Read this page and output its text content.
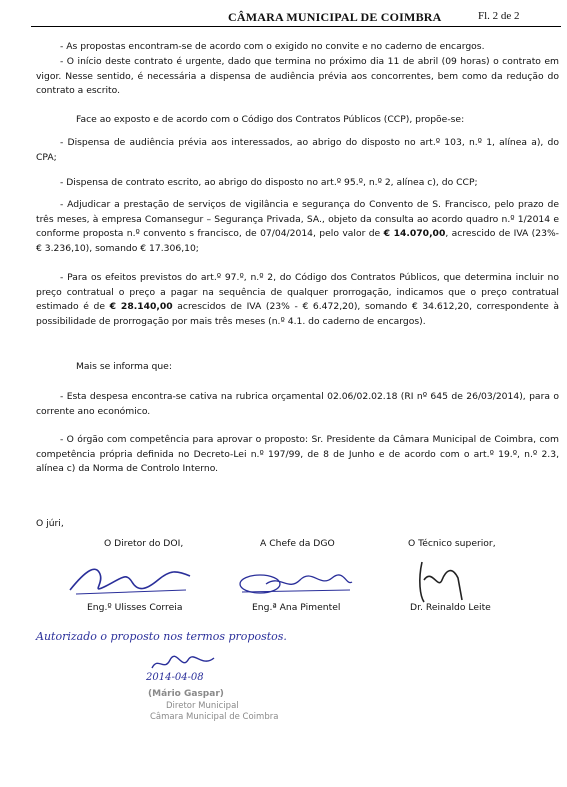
CÂMARA MUNICIPAL DE COIMBRA	Fl. 2 de 2

- As propostas encontram-se de acordo com o exigido no convite e no caderno de encargos.

- O início deste contrato é urgente, dado que termina no próximo dia 11 de abril (09 horas) o contrato em vigor. Nesse sentido, é necessária a dispensa de audiência prévia aos concorrentes, bem como da redução do contrato a escrito.

Face ao exposto e de acordo com o Código dos Contratos Públicos (CCP), propõe-se:

- Dispensa de audiência prévia aos interessados, ao abrigo do disposto no art.º 103, n.º 1, alínea a), do CPA;

- Dispensa de contrato escrito, ao abrigo do disposto no art.º 95.º, n.º 2, alínea c), do CCP;

- Adjudicar a prestação de serviços de vigilância e segurança do Convento de S. Francisco, pelo prazo de três meses, à empresa Comansegur – Segurança Privada, SA., objeto da consulta ao acordo quadro n.º 1/2014 e conforme proposta n.º convento s francisco, de 07/04/2014, pelo valor de € 14.070,00, acrescido de IVA (23%- € 3.236,10), somando € 17.306,10;

- Para os efeitos previstos do art.º 97.º, n.º 2, do Código dos Contratos Públicos, que determina incluir no preço contratual o preço a pagar na sequência de qualquer prorrogação, indicamos que o preço contratual estimado é de € 28.140,00 acrescidos de IVA (23% - € 6.472,20), somando € 34.612,20, correspondente à possibilidade de prorrogação por mais três meses (n.º 4.1. do caderno de encargos).

Mais se informa que:

- Esta despesa encontra-se cativa na rubrica orçamental 02.06/02.02.18 (RI nº 645 de 26/03/2014), para o corrente ano económico.

- O órgão com competência para aprovar o proposto: Sr. Presidente da Câmara Municipal de Coimbra, com competência própria definida no Decreto-Lei n.º 197/99, de 8 de Junho e de acordo com o art.º 19.º, n.º 2.3, alínea c) da Norma de Controlo Interno.

O júri,
O Diretor do DOI,	A Chefe da DGO	O Técnico superior,
Eng.º Ulisses Correia	Eng.ª Ana Pimentel	Dr. Reinaldo Leite
Autorizado o proposto nos termos propostos.
2014-04-08
(Mário Gaspar)
Diretor Municipal
Câmara Municipal de Coimbra
